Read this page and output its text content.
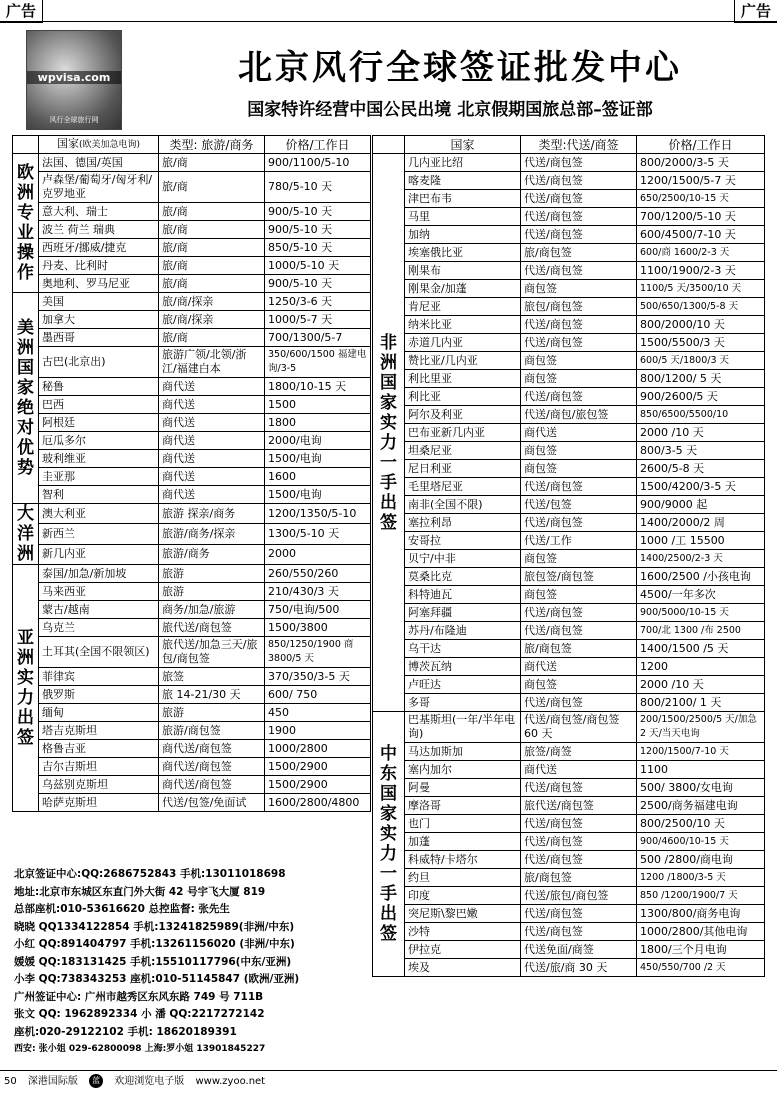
广告	广告
wpvisa.com
风行全球旅行网
北京风行全球签证批发中心
国家特许经营中国公民出境 北京假期国旅总部–签证部
	国家(欧美加急电询)	类型: 旅游/商务	价格/工作日
欧洲专业操作	法国、德国/英国	旅/商	900/1100/5-10
	卢森堡/葡萄牙/匈牙利/克罗地亚	旅/商	780/5-10 天
	意大利、瑞士	旅/商	900/5-10 天
	波兰 荷兰 瑞典	旅/商	900/5-10 天
	西班牙/挪威/捷克	旅/商	850/5-10 天
	丹麦、比利时	旅/商	1000/5-10 天
	奥地利、罗马尼亚	旅/商	900/5-10 天
美洲国家绝对优势	美国	旅/商/探亲	1250/3-6 天
	加拿大	旅/商/探亲	1000/5-7 天
	墨西哥	旅/商	700/1300/5-7
	古巴(北京出)	旅游广领/北领/浙江/福建白本	350/600/1500 福建电询/3-5
	秘鲁	商代送	1800/10-15 天
	巴西	商代送	1500
	阿根廷	商代送	1800
	厄瓜多尔	商代送	2000/电询
	玻利维亚	商代送	1500/电询
	圭亚那	商代送	1600
	智利	商代送	1500/电询
大洋洲	澳大利亚	旅游 探亲/商务	1200/1350/5-10
	新西兰	旅游/商务/探亲	1300/5-10 天
	新几内亚	旅游/商务	2000
亚洲实力出签	泰国/加急/新加坡	旅游	260/550/260
	马来西亚	旅游	210/430/3 天
	蒙古/越南	商务/加急/旅游	750/电询/500
	乌克兰	旅代送/商包签	1500/3800
	土耳其(全国不限领区)	旅代送/加急三天/旅包/商包签	850/1250/1900 商 3800/5 天
	菲律宾	旅签	370/350/3-5 天
	俄罗斯	旅 14-21/30 天	600/ 750
	缅甸	旅游	450
	塔吉克斯坦	旅游/商包签	1900
	格鲁吉亚	商代送/商包签	1000/2800
	吉尔吉斯坦	商代送/商包签	1500/2900
	乌兹别克斯坦	商代送/商包签	1500/2900
	哈萨克斯坦	代送/包签/免面试	1600/2800/4800
	国家	类型:代送/商签	价格/工作日
非洲国家实力一手出签	几内亚比绍	代送/商包签	800/2000/3-5 天
	喀麦隆	代送/商包签	1200/1500/5-7 天
	津巴布韦	代送/商包签	650/2500/10-15 天
	马里	代送/商包签	700/1200/5-10 天
	加纳	代送/商包签	600/4500/7-10 天
	埃塞俄比亚	旅/商包签	600/商 1600/2-3 天
	刚果布	代送/商包签	1100/1900/2-3 天
	刚果金/加蓬	商包签	1100/5 天/3500/10 天
	肯尼亚	旅包/商包签	500/650/1300/5-8 天
	纳米比亚	代送/商包签	800/2000/10 天
	赤道几内亚	代送/商包签	1500/5500/3 天
	赞比亚/几内亚	商包签	600/5 天/1800/3 天
	利比里亚	商包签	800/1200/ 5 天
	利比亚	代送/商包签	900/2600/5 天
	阿尔及利亚	代送/商包/旅包签	850/6500/5500/10
	巴布亚新几内亚	商代送	2000 /10 天
	坦桑尼亚	商包签	800/3-5 天
	尼日利亚	商包签	2600/5-8 天
	毛里塔尼亚	代送/商包签	1500/4200/3-5 天
	南非(全国不限)	代送/包签	900/9000 起
	塞拉利昂	代送/商包签	1400/2000/2 周
	安哥拉	代送/工作	1000 /工 15500
	贝宁/中非	商包签	1400/2500/2-3 天
	莫桑比克	旅包签/商包签	1600/2500 /小孩电询
	科特迪瓦	商包签	4500/一年多次
	阿塞拜疆	代送/商包签	900/5000/10-15 天
	苏丹/布隆迪	代送/商包签	700/北 1300 /布 2500
	乌干达	旅/商包签	1400/1500 /5 天
	博茨瓦纳	商代送	1200
	卢旺达	商包签	2000 /10 天
	多哥	代送/商包签	800/2100/ 1 天
中东国家实力一手出签	巴基斯坦(一年/半年电询)	代送/商包签/商包签 60 天	200/1500/2500/5 天/加急 2 天/当天电询
	马达加斯加	旅签/商签	1200/1500/7-10 天
	塞内加尔	商代送	1100
	阿曼	代送/商包签	500/ 3800/女电询
	摩洛哥	旅代送/商包签	2500/商务福建电询
	也门	代送/商包签	800/2500/10 天
	加蓬	代送/商包签	900/4600/10-15 天
	科威特/卡塔尔	代送/商包签	500 /2800/商电询
	约旦	旅/商包签	1200 /1800/3-5 天
	印度	代送/旅包/商包签	850 /1200/1900/7 天
	突尼斯\黎巴嫩	代送/商包签	1300/800/商务电询
	沙特	代送/商包签	1000/2800/其他电询
	伊拉克	代送免面/商签	1800/三个月电询
	埃及	代送/旅/商 30 天	450/550/700 /2 天
北京签证中心:QQ:2686752843 手机:13011018698
地址:北京市东城区东直门外大街 42 号宇飞大厦 819
总部座机:010-53616620 总控监督: 张先生
晓晓 QQ1334122854 手机:13241825989(非洲/中东)
小红 QQ:891404797 手机:13261156020 (非洲/中东)
媛媛 QQ:183131425 手机:15510117796(中东/亚洲)
小李 QQ:738343253 座机:010-51145847 (欧洲/亚洲)
广州签证中心: 广州市越秀区东风东路 749 号 711B
张文 QQ: 1962892334 小 潘 QQ:2217272142
座机:020-29122102 手机: 18620189391
西安: 张小姐 029-62800098 上海:罗小姐 13901845227
50 深港国际版 蓝 欢迎浏览电子版 www.zyoo.net
